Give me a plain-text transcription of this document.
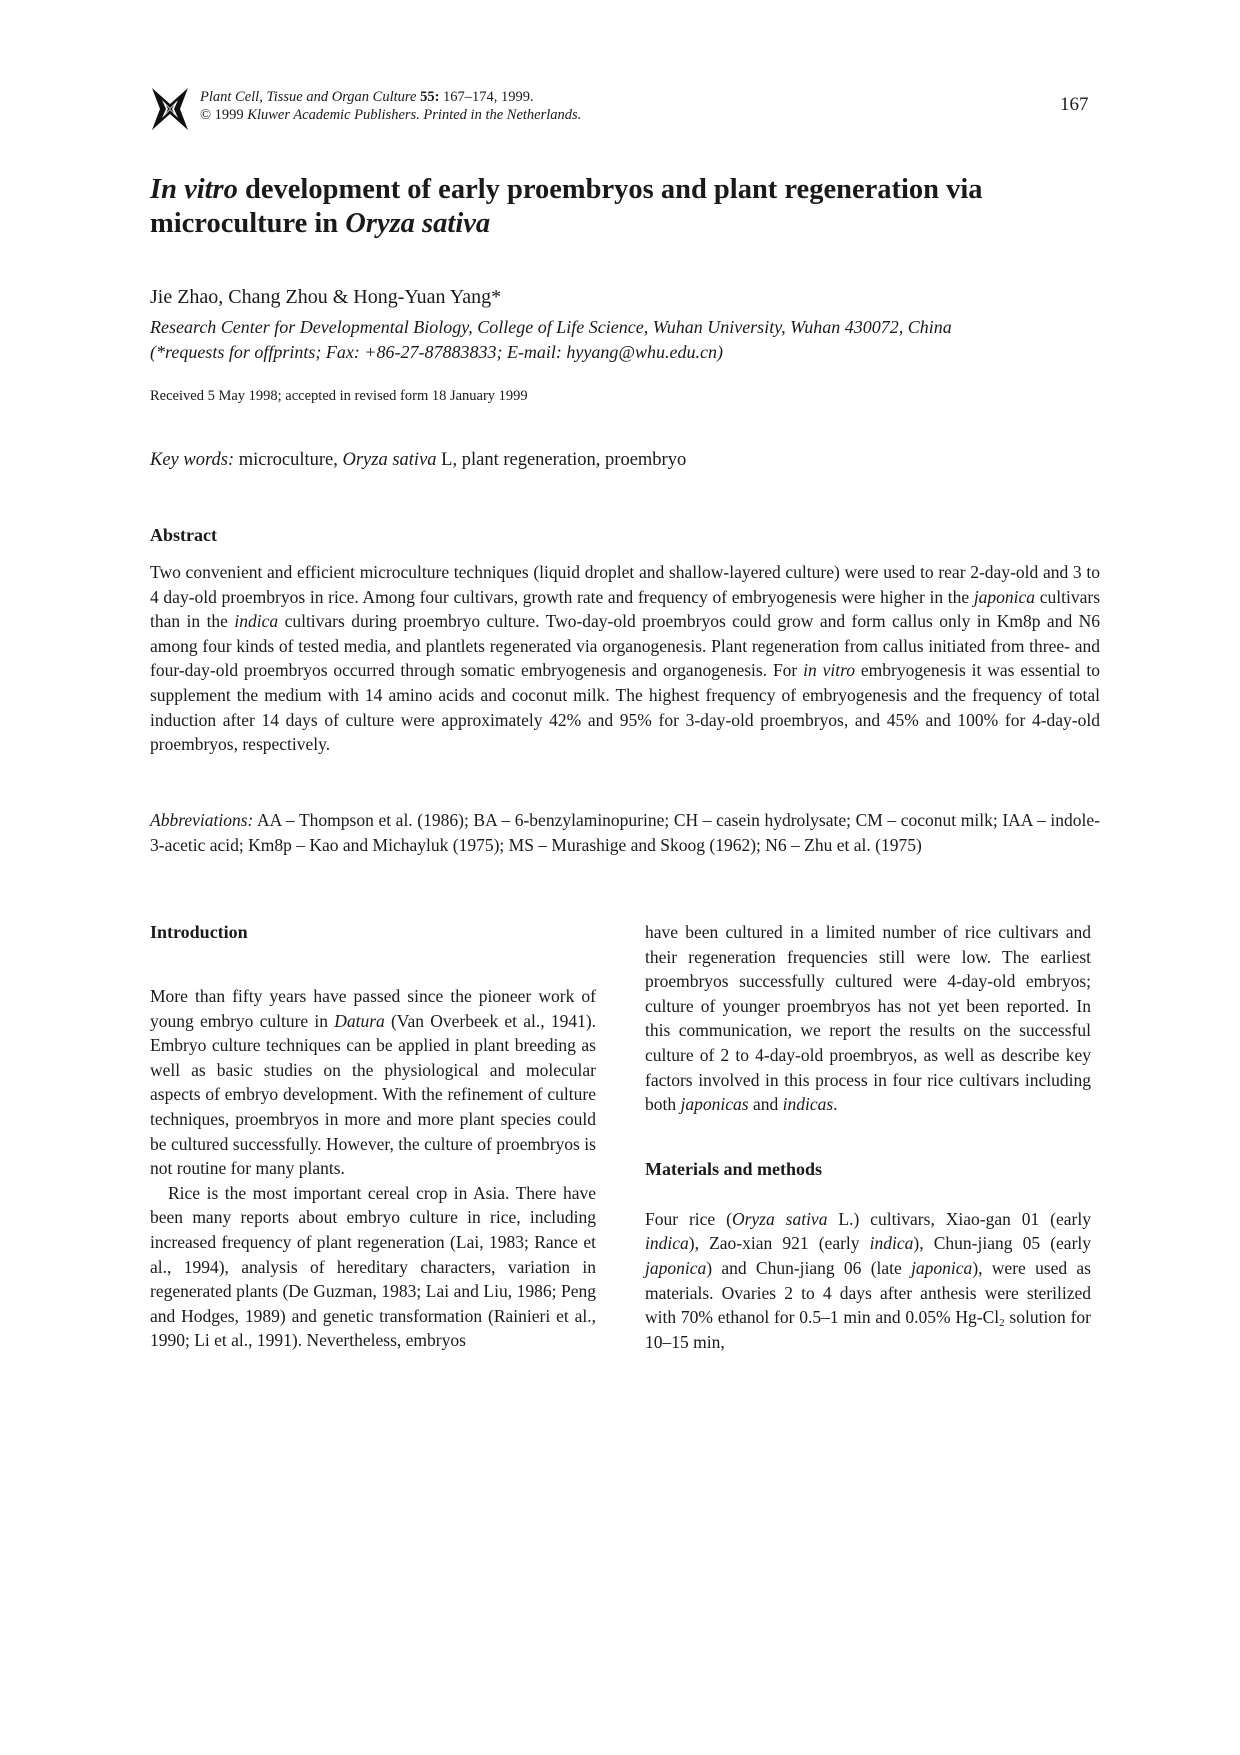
Plant Cell, Tissue and Organ Culture 55: 167–174, 1999.
© 1999 Kluwer Academic Publishers. Printed in the Netherlands.	167
In vitro development of early proembryos and plant regeneration via microculture in Oryza sativa
Jie Zhao, Chang Zhou & Hong-Yuan Yang*
Research Center for Developmental Biology, College of Life Science, Wuhan University, Wuhan 430072, China
(*requests for offprints; Fax: +86-27-87883833; E-mail: hyyang@whu.edu.cn)
Received 5 May 1998; accepted in revised form 18 January 1999
Key words: microculture, Oryza sativa L, plant regeneration, proembryo
Abstract

Two convenient and efficient microculture techniques (liquid droplet and shallow-layered culture) were used to rear 2-day-old and 3 to 4 day-old proembryos in rice. Among four cultivars, growth rate and frequency of embryogenesis were higher in the japonica cultivars than in the indica cultivars during proembryo culture. Two-day-old proembryos could grow and form callus only in Km8p and N6 among four kinds of tested media, and plantlets regenerated via organogenesis. Plant regeneration from callus initiated from three- and four-day-old proembryos occurred through somatic embryogenesis and organogenesis. For in vitro embryogenesis it was essential to supplement the medium with 14 amino acids and coconut milk. The highest frequency of embryogenesis and the frequency of total induction after 14 days of culture were approximately 42% and 95% for 3-day-old proembryos, and 45% and 100% for 4-day-old proembryos, respectively.

Abbreviations: AA – Thompson et al. (1986); BA – 6-benzylaminopurine; CH – casein hydrolysate; CM – coconut milk; IAA – indole-3-acetic acid; Km8p – Kao and Michayluk (1975); MS – Murashige and Skoog (1962); N6 – Zhu et al. (1975)

Introduction

More than fifty years have passed since the pioneer work of young embryo culture in Datura (Van Overbeek et al., 1941). Embryo culture techniques can be applied in plant breeding as well as basic studies on the physiological and molecular aspects of embryo development. With the refinement of culture techniques, proembryos in more and more plant species could be cultured successfully. However, the culture of proembryos is not routine for many plants.

Rice is the most important cereal crop in Asia. There have been many reports about embryo culture in rice, including increased frequency of plant regeneration (Lai, 1983; Rance et al., 1994), analysis of hereditary characters, variation in regenerated plants (De Guzman, 1983; Lai and Liu, 1986; Peng and Hodges, 1989) and genetic transformation (Rainieri et al., 1990; Li et al., 1991). Nevertheless, embryos

have been cultured in a limited number of rice cultivars and their regeneration frequencies still were low. The earliest proembryos successfully cultured were 4-day-old embryos; culture of younger proembryos has not yet been reported. In this communication, we report the results on the successful culture of 2 to 4-day-old proembryos, as well as describe key factors involved in this process in four rice cultivars including both japonicas and indicas.

Materials and methods

Four rice (Oryza sativa L.) cultivars, Xiao-gan 01 (early indica), Zao-xian 921 (early indica), Chun-jiang 05 (early japonica) and Chun-jiang 06 (late japonica), were used as materials. Ovaries 2 to 4 days after anthesis were sterilized with 70% ethanol for 0.5–1 min and 0.05% $Hg-Cl_2$ solution for 10–15 min,
